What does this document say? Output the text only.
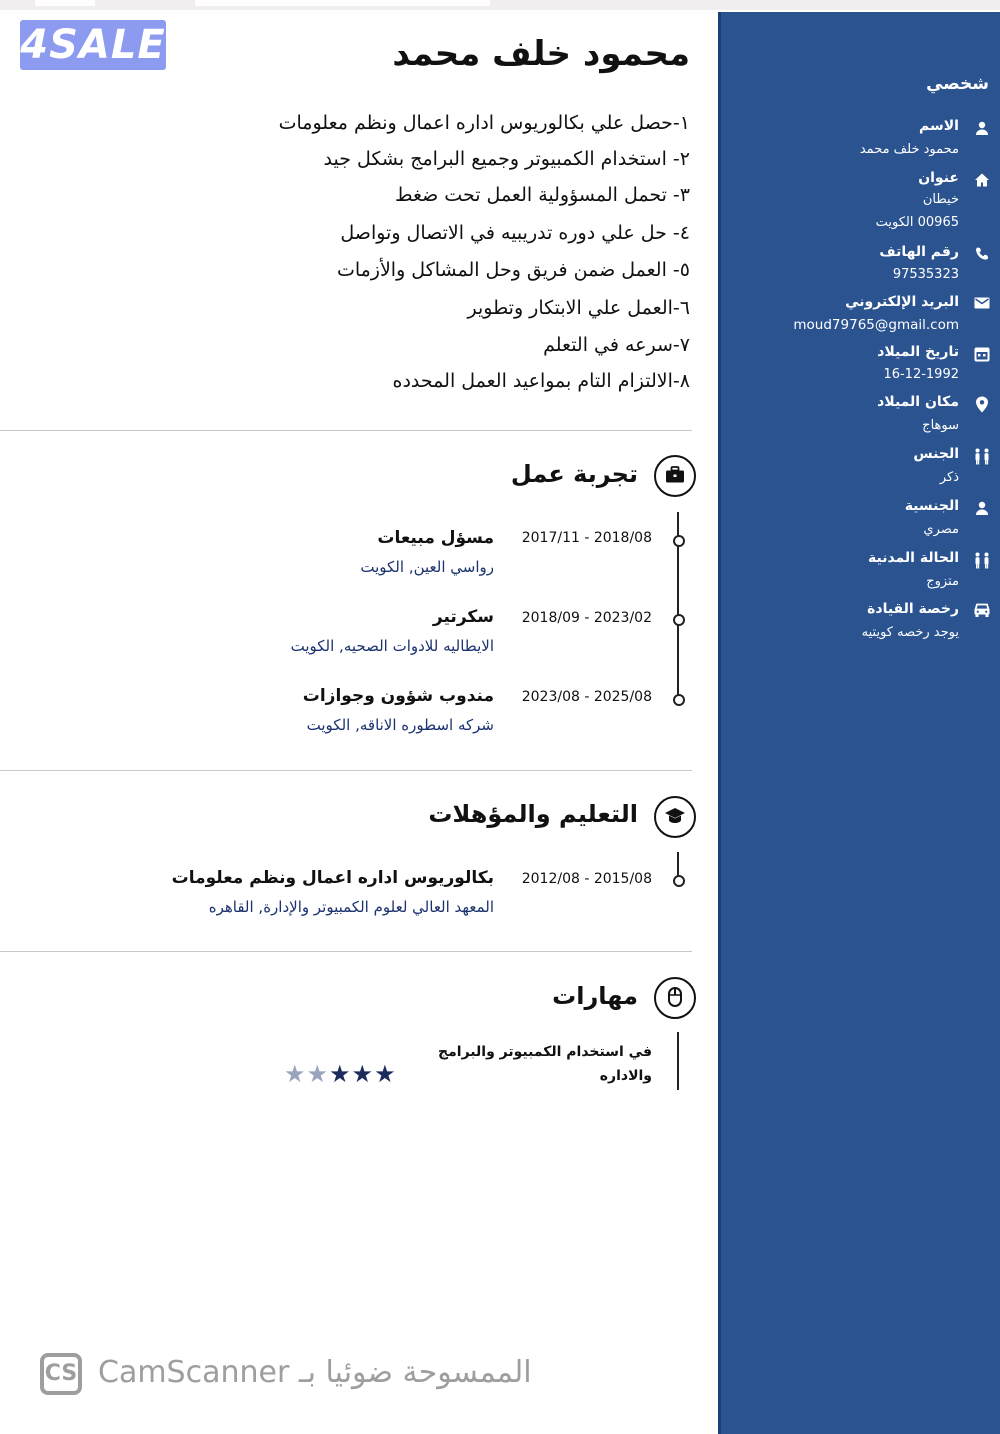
4SALE
شخصي
الاسم
محمود خلف محمد
عنوان
خيطان
00965 الكويت
رقم الهاتف
97535323
البريد الإلكتروني
moud79765@gmail.com
تاريخ الميلاد
16-12-1992
مكان الميلاد
سوهاج
الجنس
ذكر
الجنسية
مصري
الحالة المدنية
متزوج
رخصة القيادة
يوجد رخصه كويتيه
محمود خلف محمد
١-حصل علي بكالوريوس اداره اعمال ونظم معلومات
٢- استخدام الكمبيوتر وجميع البرامج بشكل جيد
٣- تحمل المسؤولية العمل تحت ضغط
٤- حل علي دوره تدريبيه في الاتصال وتواصل
٥- العمل ضمن فريق وحل المشاكل والأزمات
٦-العمل علي الابتكار وتطوير
٧-سرعه في التعلم
٨-الالتزام التام بمواعيد العمل المحدده
تجربة عمل
2017/11 - 2018/08
مسؤل مبيعات
رواسي العين, الكويت
2018/09 - 2023/02
سكرتير
الايطاليه للادوات الصحيه, الكويت
2023/08 - 2025/08
مندوب شؤون وجوازات
شركه اسطوره الاناقه, الكويت
التعليم والمؤهلات
2012/08 - 2015/08
بكالوريوس اداره اعمال ونظم معلومات
المعهد العالي لعلوم الكمبيوتر والإدارة, القاهره
مهارات
في استخدام الكمبيوتر والبرامج والاداره
★★★★★
CS الممسوحة ضوئيا بـ CamScanner
